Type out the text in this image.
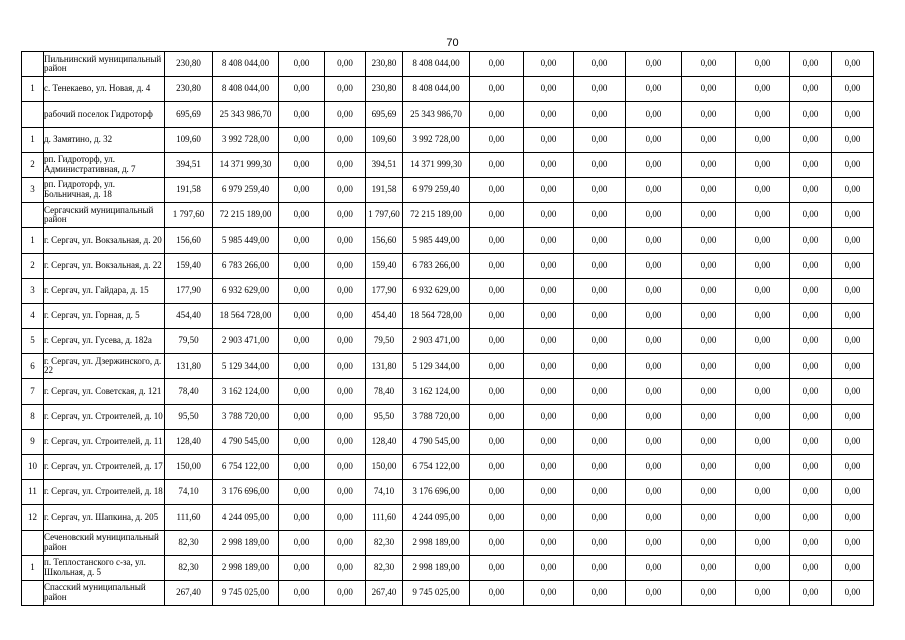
70
	Пильнинский муниципальный район	230,80	8 408 044,00	0,00	0,00	230,80	8 408 044,00	0,00	0,00	0,00	0,00	0,00	0,00	0,00	0,00
1	с. Тенекаево, ул. Новая, д. 4	230,80	8 408 044,00	0,00	0,00	230,80	8 408 044,00	0,00	0,00	0,00	0,00	0,00	0,00	0,00	0,00
	рабочий поселок Гидроторф	695,69	25 343 986,70	0,00	0,00	695,69	25 343 986,70	0,00	0,00	0,00	0,00	0,00	0,00	0,00	0,00
1	д. Замятино, д. 32	109,60	3 992 728,00	0,00	0,00	109,60	3 992 728,00	0,00	0,00	0,00	0,00	0,00	0,00	0,00	0,00
2	рп. Гидроторф, ул. Административная, д. 7	394,51	14 371 999,30	0,00	0,00	394,51	14 371 999,30	0,00	0,00	0,00	0,00	0,00	0,00	0,00	0,00
3	рп. Гидроторф, ул. Больничная, д. 18	191,58	6 979 259,40	0,00	0,00	191,58	6 979 259,40	0,00	0,00	0,00	0,00	0,00	0,00	0,00	0,00
	Сергачский муниципальный район	1 797,60	72 215 189,00	0,00	0,00	1 797,60	72 215 189,00	0,00	0,00	0,00	0,00	0,00	0,00	0,00	0,00
1	г. Сергач, ул. Вокзальная, д. 20	156,60	5 985 449,00	0,00	0,00	156,60	5 985 449,00	0,00	0,00	0,00	0,00	0,00	0,00	0,00	0,00
2	г. Сергач, ул. Вокзальная, д. 22	159,40	6 783 266,00	0,00	0,00	159,40	6 783 266,00	0,00	0,00	0,00	0,00	0,00	0,00	0,00	0,00
3	г. Сергач, ул. Гайдара, д. 15	177,90	6 932 629,00	0,00	0,00	177,90	6 932 629,00	0,00	0,00	0,00	0,00	0,00	0,00	0,00	0,00
4	г. Сергач, ул. Горная, д. 5	454,40	18 564 728,00	0,00	0,00	454,40	18 564 728,00	0,00	0,00	0,00	0,00	0,00	0,00	0,00	0,00
5	г. Сергач, ул. Гусева, д. 182а	79,50	2 903 471,00	0,00	0,00	79,50	2 903 471,00	0,00	0,00	0,00	0,00	0,00	0,00	0,00	0,00
6	г. Сергач, ул. Дзержинского, д. 22	131,80	5 129 344,00	0,00	0,00	131,80	5 129 344,00	0,00	0,00	0,00	0,00	0,00	0,00	0,00	0,00
7	г. Сергач, ул. Советская, д. 121	78,40	3 162 124,00	0,00	0,00	78,40	3 162 124,00	0,00	0,00	0,00	0,00	0,00	0,00	0,00	0,00
8	г. Сергач, ул. Строителей, д. 10	95,50	3 788 720,00	0,00	0,00	95,50	3 788 720,00	0,00	0,00	0,00	0,00	0,00	0,00	0,00	0,00
9	г. Сергач, ул. Строителей, д. 11	128,40	4 790 545,00	0,00	0,00	128,40	4 790 545,00	0,00	0,00	0,00	0,00	0,00	0,00	0,00	0,00
10	г. Сергач, ул. Строителей, д. 17	150,00	6 754 122,00	0,00	0,00	150,00	6 754 122,00	0,00	0,00	0,00	0,00	0,00	0,00	0,00	0,00
11	г. Сергач, ул. Строителей, д. 18	74,10	3 176 696,00	0,00	0,00	74,10	3 176 696,00	0,00	0,00	0,00	0,00	0,00	0,00	0,00	0,00
12	г. Сергач, ул. Шапкина, д. 205	111,60	4 244 095,00	0,00	0,00	111,60	4 244 095,00	0,00	0,00	0,00	0,00	0,00	0,00	0,00	0,00
	Сеченовский муниципальный район	82,30	2 998 189,00	0,00	0,00	82,30	2 998 189,00	0,00	0,00	0,00	0,00	0,00	0,00	0,00	0,00
1	п. Теплостанского с-за, ул. Школьная, д. 5	82,30	2 998 189,00	0,00	0,00	82,30	2 998 189,00	0,00	0,00	0,00	0,00	0,00	0,00	0,00	0,00
	Спасский муниципальный район	267,40	9 745 025,00	0,00	0,00	267,40	9 745 025,00	0,00	0,00	0,00	0,00	0,00	0,00	0,00	0,00
